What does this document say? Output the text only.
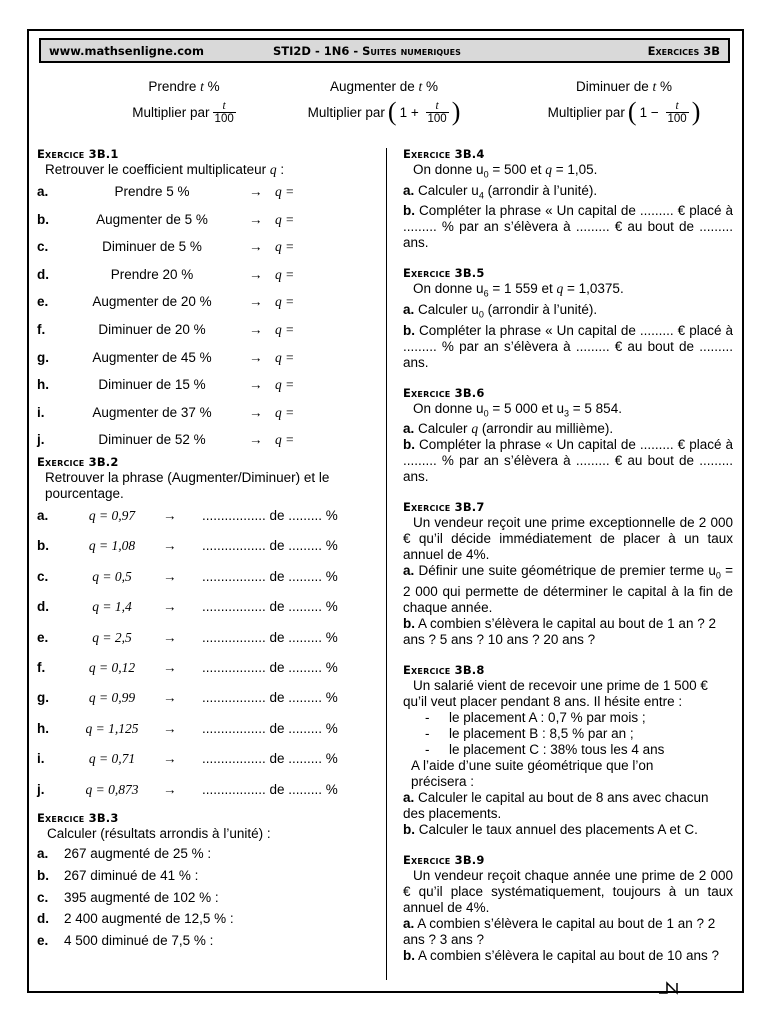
www.mathsenligne.com	STI2D - 1N6 - Suites numeriques	Exercices 3B
Prendre t %
Multiplier par $\frac{t}{100}$
Augmenter de t %
Multiplier par ( $1 + \frac{t}{100}$ )
Diminuer de t %
Multiplier par ( $1 - \frac{t}{100}$ )
Exercice 3B.1
Retrouver le coefficient multiplicateur q :
a.	Prendre 5 %	→ q =
b.	Augmenter de 5 %	→ q =
c.	Diminuer de 5 %	→ q =
d.	Prendre 20 %	→ q =
e.	Augmenter de 20 %	→ q =
f.	Diminuer de 20 %	→ q =
g.	Augmenter de 45 %	→ q =
h.	Diminuer de 15 %	→ q =
i.	Augmenter de 37 %	→ q =
j.	Diminuer de 52 %	→ q =
Exercice 3B.2
Retrouver la phrase (Augmenter/Diminuer) et le pourcentage.
a.	q = 0,97	→ ................. de ......... %
b.	q = 1,08	→ ................. de ......... %
c.	q = 0,5	→ ................. de ......... %
d.	q = 1,4	→ ................. de ......... %
e.	q = 2,5	→ ................. de ......... %
f.	q = 0,12	→ ................. de ......... %
g.	q = 0,99	→ ................. de ......... %
h.	q = 1,125	→ ................. de ......... %
i.	q = 0,71	→ ................. de ......... %
j.	q = 0,873	→ ................. de ......... %
Exercice 3B.3
Calculer (résultats arrondis à l’unité) :
a. 267 augmenté de 25 % :
b. 267 diminué de 41 % :
c. 395 augmenté de 102 % :
d. 2 400 augmenté de 12,5 % :
e. 4 500 diminué de 7,5 % :
Exercice 3B.4
On donne $u_0 = 500$ et q = 1,05.
a. Calculer $u_4$ (arrondir à l’unité).
b. Compléter la phrase « Un capital de ......... € placé à ......... % par an s’élèvera à ......... € au bout de ......... ans.
Exercice 3B.5
On donne $u_6 = 1$ 559 et q = 1,0375.
a. Calculer $u_0$ (arrondir à l’unité).
b. Compléter la phrase « Un capital de ......... € placé à ......... % par an s’élèvera à ......... € au bout de ......... ans.
Exercice 3B.6
On donne $u_0 = 5$ 000 et $u_3 = 5$ 854.
a. Calculer q (arrondir au millième).
b. Compléter la phrase « Un capital de ......... € placé à ......... % par an s’élèvera à ......... € au bout de ......... ans.
Exercice 3B.7
Un vendeur reçoit une prime exceptionnelle de 2 000 € qu’il décide immédiatement de placer à un taux annuel de 4%.
a. Définir une suite géométrique de premier terme $u_0 = 2$ 000 qui permette de déterminer le capital à la fin de chaque année.
b. A combien s’élèvera le capital au bout de 1 an ? 2 ans ? 5 ans ? 10 ans ? 20 ans ?
Exercice 3B.8
Un salarié vient de recevoir une prime de 1 500 € qu’il veut placer pendant 8 ans. Il hésite entre :
- le placement A : 0,7 % par mois ;
- le placement B : 8,5 % par an ;
- le placement C : 38% tous les 4 ans
A l’aide d’une suite géométrique que l’on précisera :
a. Calculer le capital au bout de 8 ans avec chacun des placements.
b. Calculer le taux annuel des placements A et C.
Exercice 3B.9
Un vendeur reçoit chaque année une prime de 2 000 € qu’il place systématiquement, toujours à un taux annuel de 4%.
a. A combien s’élèvera le capital au bout de 1 an ? 2 ans ? 3 ans ?
b. A combien s’élèvera le capital au bout de 10 ans ?
